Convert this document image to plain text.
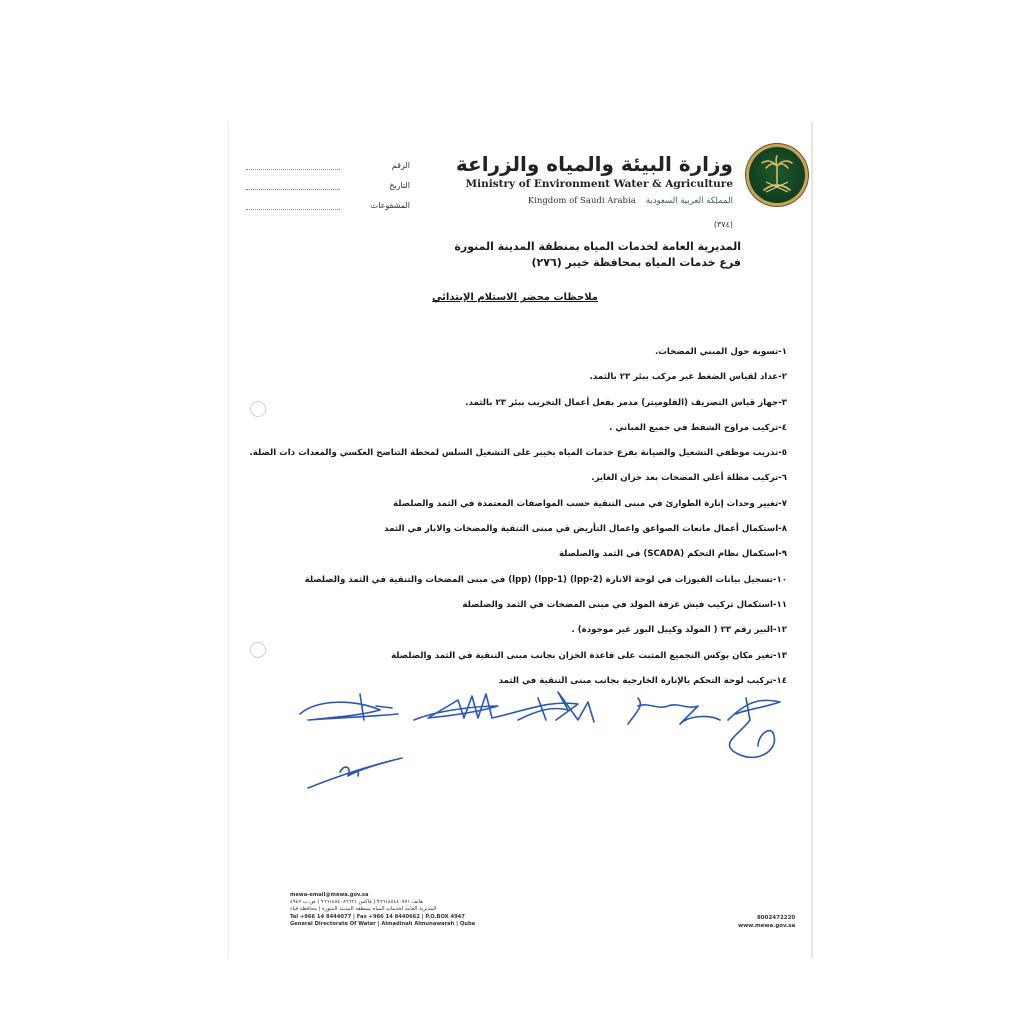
الرقم
التاريخ
المشفوعات
وزارة البيئة والمياه والزراعة
Ministry of Environment Water & Agriculture
Kingdom of Saudi Arabia المملكة العربية السعودية
(٣٧٤)
المديرية العامة لخدمات المياه بمنطقة المدينة المنورة
فرع خدمات المياه بمحافظة خيبر (٢٧٦)
ملاحظات محضر الاستلام الإبتدائي
١-تسوية حول المبني المضخات.
٢-عداد لقياس الضغط غير مركب ببئر ٢٣ بالثمد.
٣-جهاز قياس التصريف (الفلوميتر) مدمر بفعل أعمال التخريب ببئر ٢٣ بالثمد.
٤-تركيب مراوح الشفط في جميع المباني .
٥-تدريب موظفي التشغيل والصيانة بفرع خدمات المياه بخيبر على التشغيل السلس لمحطة التناضح العكسي والمعدات ذات الصلة.
٦-تركيب مظلة أعلي المضخات بعد خزان الغاير.
٧-تغيير وحدات إنارة الطوارئ في مبنى التنقية حسب المواصفات المعتمدة في الثمد والصلصلة
٨-استكمال أعمال مانعات الصواعق واعمال التأريض في مبنى التنقية والمضخات والابار في الثمد
٩-استكمال نظام التحكم (SCADA) في الثمد والصلصلة
١٠-تسجيل بيانات الفيوزات في لوحة الانارة (lpp-2) (lpp-1) (lpp) في مبنى المضخات والتنقية في الثمد والصلصلة
١١-استكمال تركيب فيش غرفة المولد في مبنى المضخات في الثمد والصلصلة
١٢-البير رقم ٢٣ ( المولد وكيبل البور غير موجودة) .
١٣-تغير مكان بوكس التجميع المثبت على قاعدة الخزان بجانب مبنى التنقية في الثمد والصلصلة
١٤-تركيب لوحة التحكم بالإنارة الخارجية بجانب مبنى التنقية في الثمد
mewa-email@mewa.gov.sa
هاتف ٩٦٦١٤٨٤٤٠٧٧١ | فاكس ٩٦٦١٤٨٤٠٨٦٦٢١ | ص.ب ٤٩٤٧
المديرية العامة لخدمات المياه بمنطقة المدينة المنورة | محافظة قباء
Tel +966 14 8444077 | Fax +966 14 8440662 | P.O.BOX 4947
General Directorate Of Water | Almadinah Almunawarah | Quba
8002472220
www.mewa.gov.sa
